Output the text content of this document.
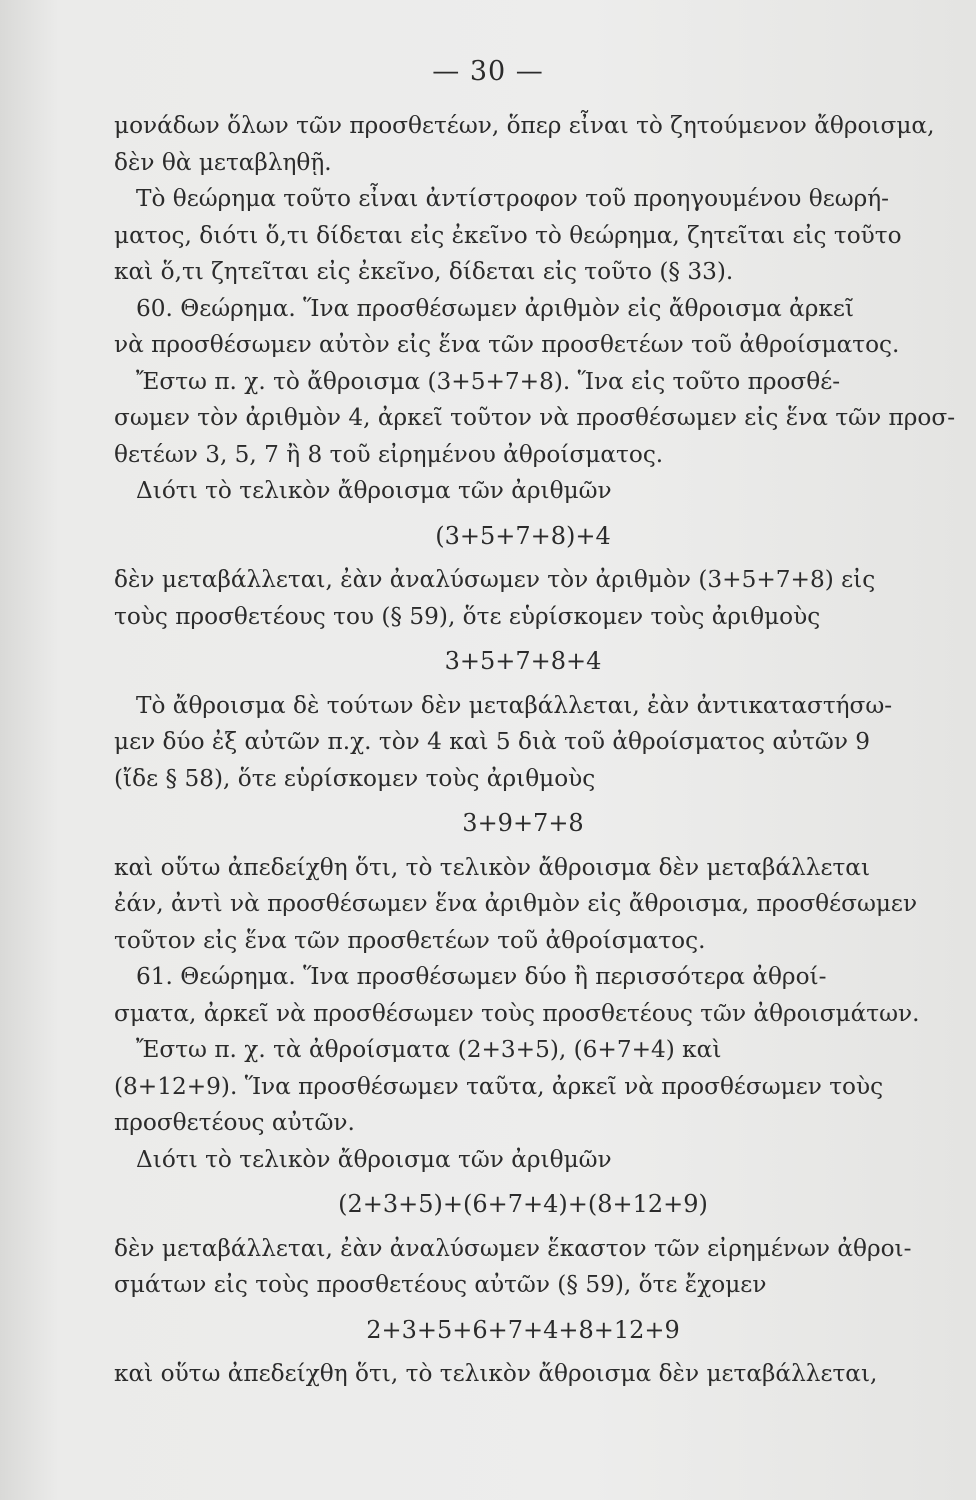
— 30 —
μονάδων ὅλων τῶν προσθετέων, ὅπερ εἶναι τὸ ζητούμενον ἄθροισμα,
δὲν θὰ μεταβληθῇ.
Τὸ θεώρημα τοῦτο εἶναι ἀντίστροφον τοῦ προηγουμένου θεωρή-
ματος, διότι ὅ,τι δίδεται εἰς ἐκεῖνο τὸ θεώρημα, ζητεῖται εἰς τοῦτο
καὶ ὅ,τι ζητεῖται εἰς ἐκεῖνο, δίδεται εἰς τοῦτο (§ 33).
60. Θεώρημα. Ἵνα προσθέσωμεν ἀριθμὸν εἰς ἄθροισμα ἀρκεῖ
νὰ προσθέσωμεν αὐτὸν εἰς ἕνα τῶν προσθετέων τοῦ ἀθροίσματος.
Ἔστω π. χ. τὸ ἄθροισμα (3+5+7+8). Ἵνα εἰς τοῦτο προσθέ-
σωμεν τὸν ἀριθμὸν 4, ἀρκεῖ τοῦτον νὰ προσθέσωμεν εἰς ἕνα τῶν προσ-
θετέων 3, 5, 7 ἢ 8 τοῦ εἰρημένου ἀθροίσματος.
Διότι τὸ τελικὸν ἄθροισμα τῶν ἀριθμῶν
(3+5+7+8)+4
δὲν μεταβάλλεται, ἐὰν ἀναλύσωμεν τὸν ἀριθμὸν (3+5+7+8) εἰς
τοὺς προσθετέους του (§ 59), ὅτε εὑρίσκομεν τοὺς ἀριθμοὺς
3+5+7+8+4
Τὸ ἄθροισμα δὲ τούτων δὲν μεταβάλλεται, ἐὰν ἀντικαταστήσω-
μεν δύο ἐξ αὐτῶν π.χ. τὸν 4 καὶ 5 διὰ τοῦ ἀθροίσματος αὐτῶν 9
(ἴδε § 58), ὅτε εὑρίσκομεν τοὺς ἀριθμοὺς
3+9+7+8
καὶ οὕτω ἀπεδείχθη ὅτι, τὸ τελικὸν ἄθροισμα δὲν μεταβάλλεται
ἐάν, ἀντὶ νὰ προσθέσωμεν ἕνα ἀριθμὸν εἰς ἄθροισμα, προσθέσωμεν
τοῦτον εἰς ἕνα τῶν προσθετέων τοῦ ἀθροίσματος.
61. Θεώρημα. Ἵνα προσθέσωμεν δύο ἢ περισσότερα ἀθροί-
σματα, ἀρκεῖ νὰ προσθέσωμεν τοὺς προσθετέους τῶν ἀθροισμάτων.
Ἔστω π. χ. τὰ ἀθροίσματα (2+3+5), (6+7+4) καὶ
(8+12+9). Ἵνα προσθέσωμεν ταῦτα, ἀρκεῖ νὰ προσθέσωμεν τοὺς
προσθετέους αὐτῶν.
Διότι τὸ τελικὸν ἄθροισμα τῶν ἀριθμῶν
(2+3+5)+(6+7+4)+(8+12+9)
δὲν μεταβάλλεται, ἐὰν ἀναλύσωμεν ἕκαστον τῶν εἰρημένων ἀθροι-
σμάτων εἰς τοὺς προσθετέους αὐτῶν (§ 59), ὅτε ἔχομεν
2+3+5+6+7+4+8+12+9
καὶ οὕτω ἀπεδείχθη ὅτι, τὸ τελικὸν ἄθροισμα δὲν μεταβάλλεται,
